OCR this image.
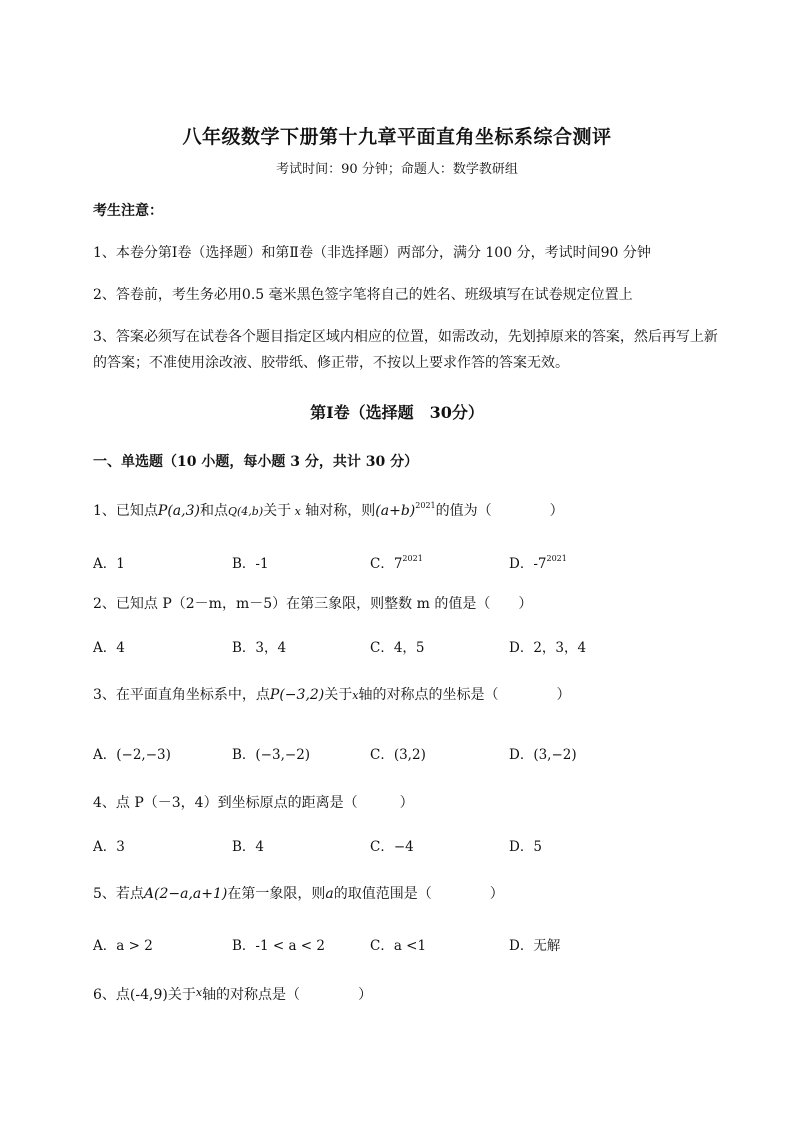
八年级数学下册第十九章平面直角坐标系综合测评
考试时间：90 分钟；命题人：数学教研组
考生注意：
1、本卷分第Ⅰ卷（选择题）和第Ⅱ卷（非选择题）两部分，满分 100 分，考试时间90 分钟
2、答卷前，考生务必用0.5 毫米黑色签字笔将自己的姓名、班级填写在试卷规定位置上
3、答案必须写在试卷各个题目指定区域内相应的位置，如需改动，先划掉原来的答案，然后再写上新
的答案；不准使用涂改液、胶带纸、修正带，不按以上要求作答的答案无效。
第Ⅰ卷（选择题　30分）
一、单选题（10 小题，每小题 3 分，共计 30 分）
1、已知点P(a,3)和点Q(4,b)关于 x 轴对称，则$(a+b)^{2021}$的值为（	）
A．1	B．-1	C．$7^{2021}$	D．$-7^{2021}$
2、已知点 P（2－m，m－5）在第三象限，则整数 m 的值是（　　）
A．4	B．3，4	C．4，5	D．2，3，4
3、在平面直角坐标系中，点P(−3,2)关于x轴的对称点的坐标是（	）
A．(−2,−3)	B．(−3,−2)	C．(3,2)	D．(3,−2)
4、点 P（－3，4）到坐标原点的距离是（　　　）
A．3	B．4	C．−4	D．5
5、若点A(2−a,a+1)在第一象限，则a的取值范围是（	）
A．a > 2	B．-1 < a < 2	C．a <1	D．无解
6、点(-4,9)关于$^x$轴的对称点是（	）
